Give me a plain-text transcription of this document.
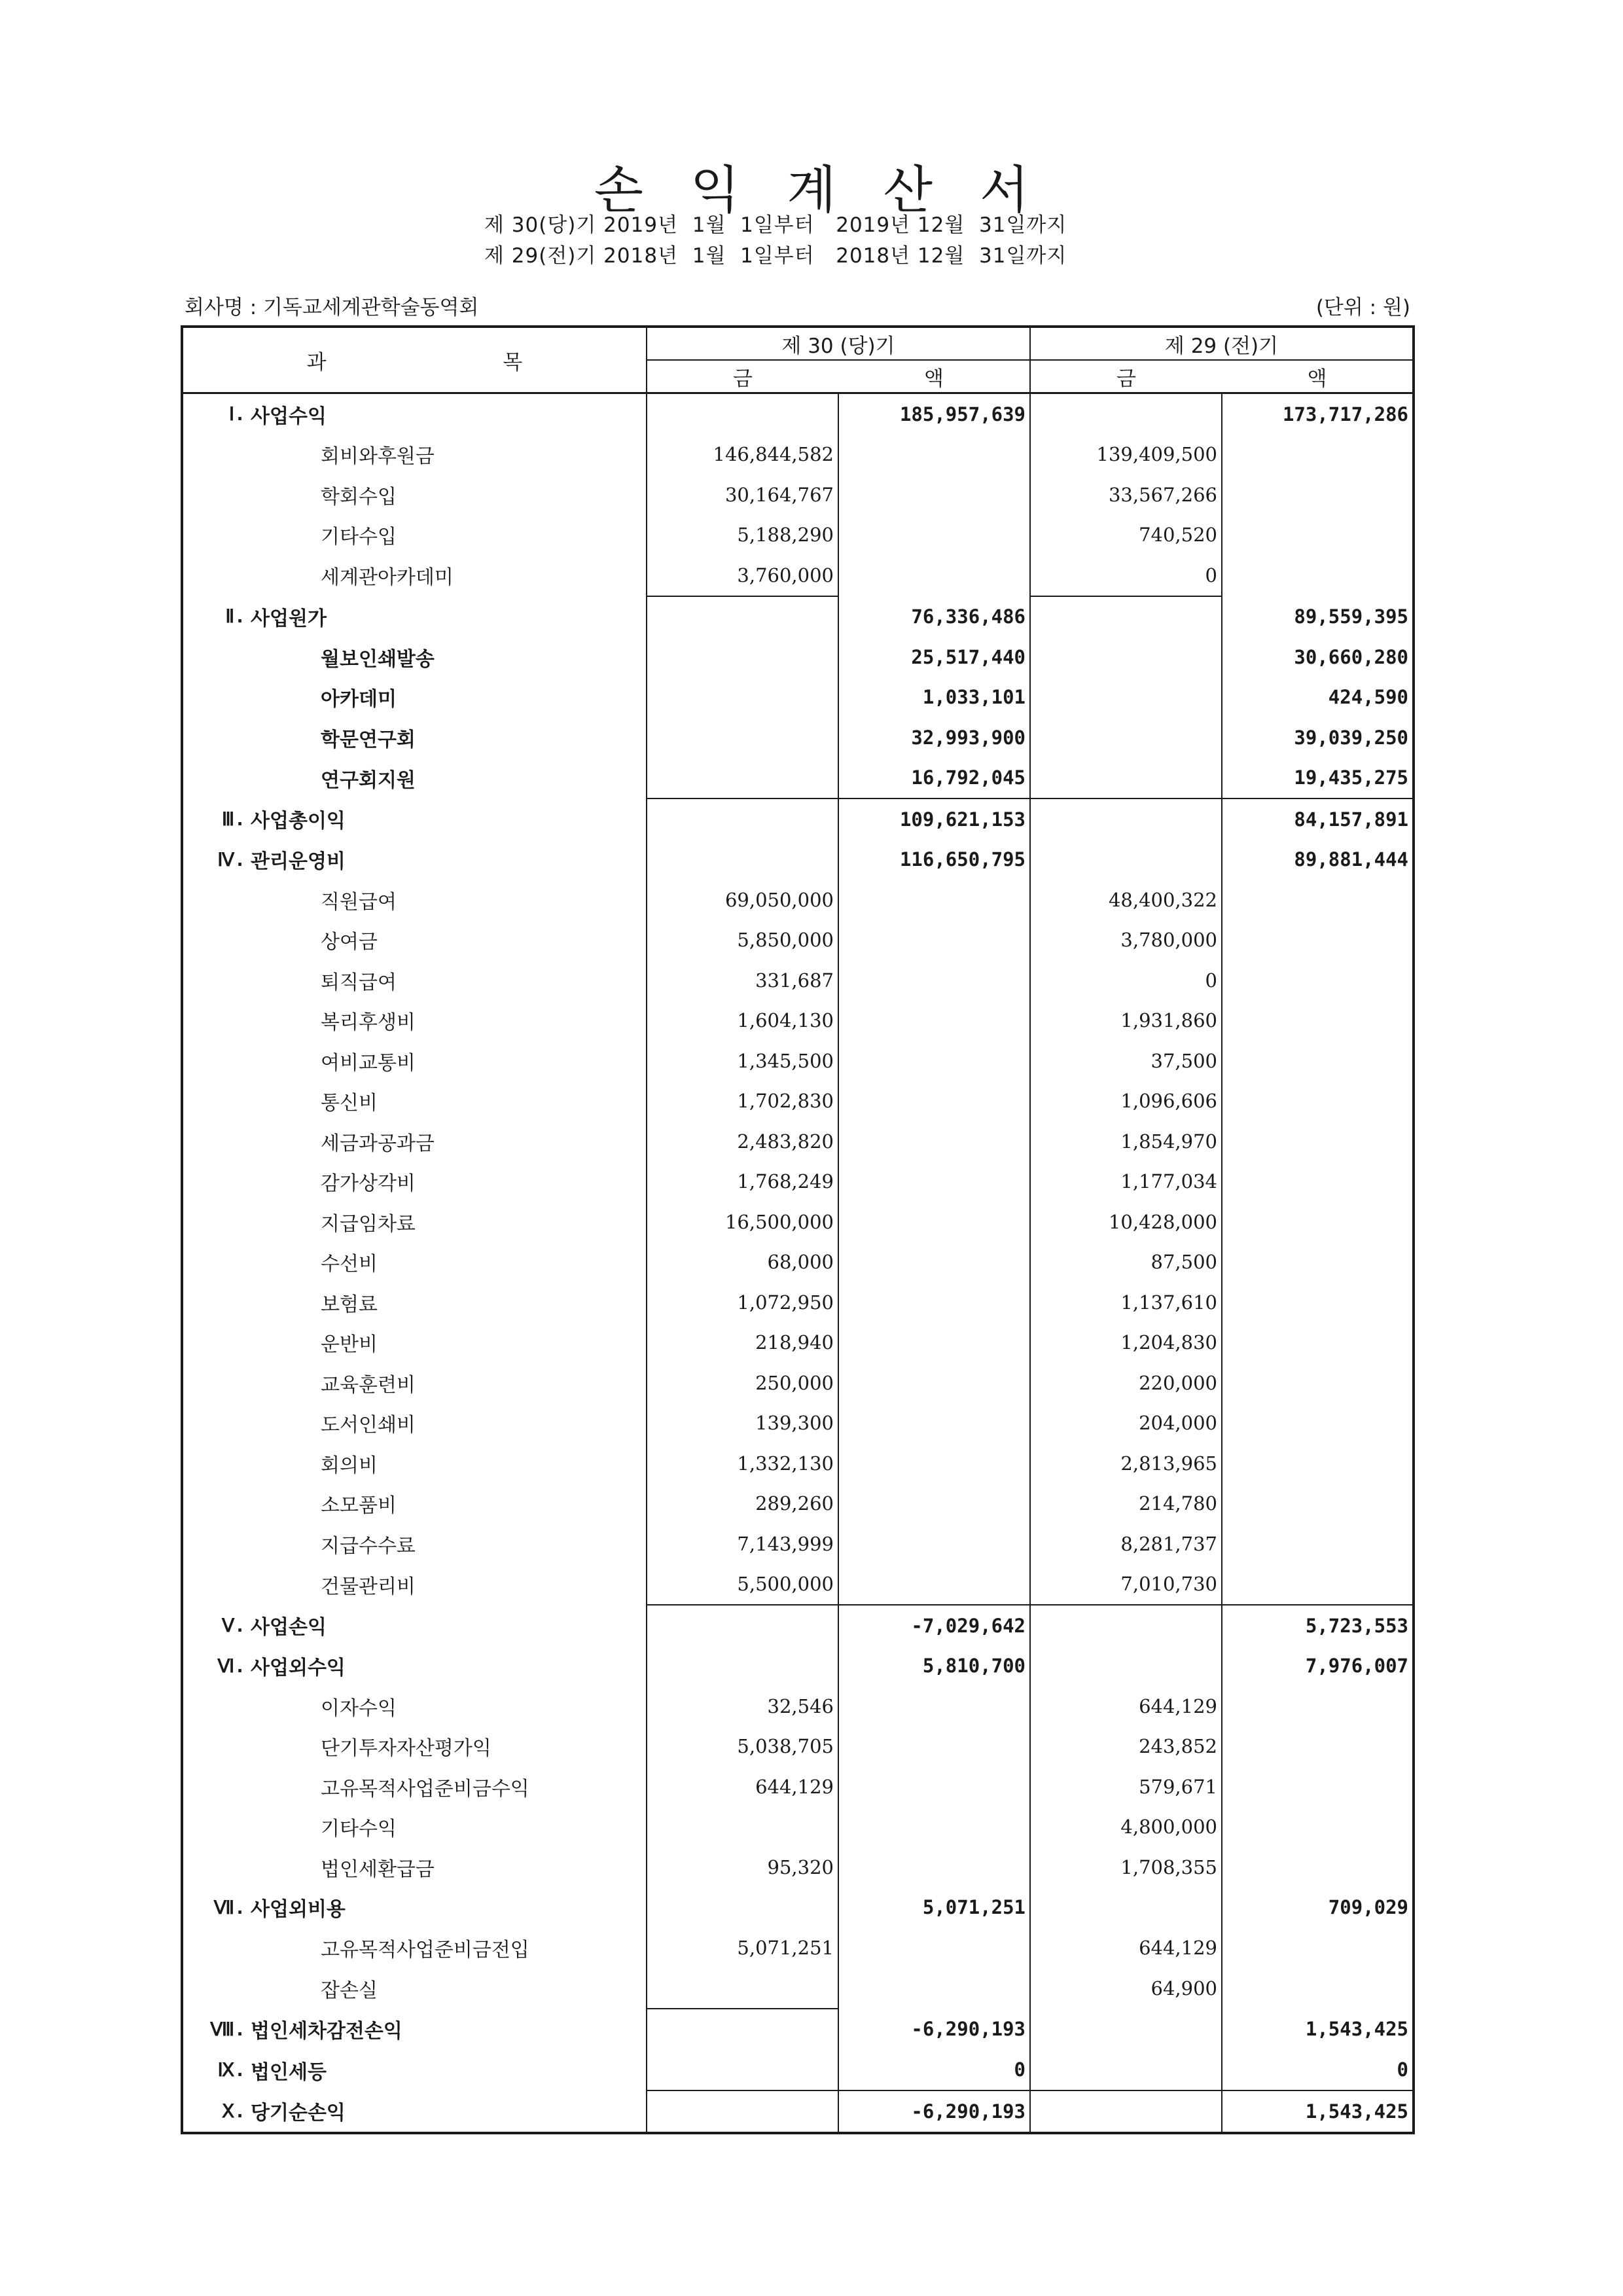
손익계산서
제 30(당)기 2019년  1월  1일부터   2019년 12월  31일까지
제 29(전)기 2018년  1월  1일부터   2018년 12월  31일까지
회사명 : 기독교세계관학술동역회	(단위 : 원)
과 목	제 30 (당)기		제 29 (전)기	
	금	액	금	액

Ⅰ. 사업수익		185,957,639		173,717,286

회비와후원금	146,844,582		139,409,500	

학회수입	30,164,767		33,567,266	

기타수입	5,188,290		740,520	

세계관아카데미	3,760,000		0	

Ⅱ. 사업원가		76,336,486		89,559,395

월보인쇄발송		25,517,440		30,660,280

아카데미		1,033,101		424,590

학문연구회		32,993,900		39,039,250

연구회지원		16,792,045		19,435,275

Ⅲ. 사업총이익		109,621,153		84,157,891

Ⅳ. 관리운영비		116,650,795		89,881,444

직원급여	69,050,000		48,400,322	

상여금	5,850,000		3,780,000	

퇴직급여	331,687		0	

복리후생비	1,604,130		1,931,860	

여비교통비	1,345,500		37,500	

통신비	1,702,830		1,096,606	

세금과공과금	2,483,820		1,854,970	

감가상각비	1,768,249		1,177,034	

지급임차료	16,500,000		10,428,000	

수선비	68,000		87,500	

보험료	1,072,950		1,137,610	

운반비	218,940		1,204,830	

교육훈련비	250,000		220,000	

도서인쇄비	139,300		204,000	

회의비	1,332,130		2,813,965	

소모품비	289,260		214,780	

지급수수료	7,143,999		8,281,737	

건물관리비	5,500,000		7,010,730	

Ⅴ. 사업손익		-7,029,642		5,723,553

Ⅵ. 사업외수익		5,810,700		7,976,007

이자수익	32,546		644,129	

단기투자자산평가익	5,038,705		243,852	

고유목적사업준비금수익	644,129		579,671	

기타수익			4,800,000	

법인세환급금	95,320		1,708,355	

Ⅶ. 사업외비용		5,071,251		709,029

고유목적사업준비금전입	5,071,251		644,129	

잡손실			64,900	

Ⅷ. 법인세차감전손익		-6,290,193		1,543,425

Ⅸ. 법인세등		0		0

Ⅹ. 당기순손익		-6,290,193		1,543,425
